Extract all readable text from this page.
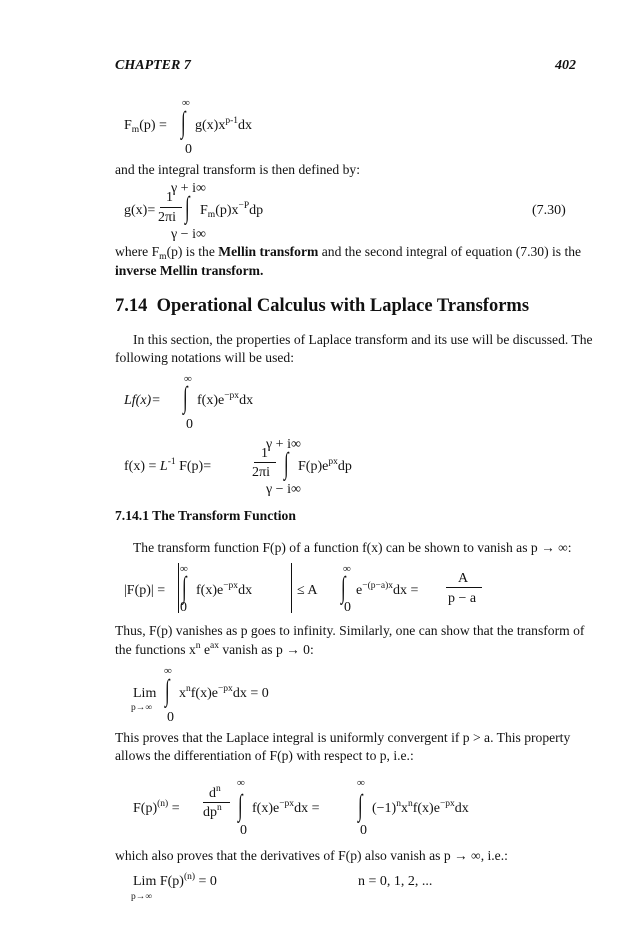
CHAPTER 7	402
∞
$F_m(p)$ = ∫ $g(x)x^{p-1}dx$
0
and the integral transform is then defined by:
γ + i∞
g(x)=
1
2πi ∫ $F_m(p)x^{-P}dp$
γ − i∞
(7.30)
where $F_m(p)$ is the Mellin transform and the second integral of equation (7.30) is the
inverse Mellin transform.
7.14 Operational Calculus with Laplace Transforms
In this section, the properties of Laplace transform and its use will be discussed. The
following notations will be used:
∞
Lf(x)= ∫ $f(x)e^{-px}dx$
0
γ + i∞
$f(x) = L^{-1}$ F(p)=
1
2πi ∫ $F(p)e^{px}dp$
γ − i∞
7.14.1 The Transform Function
The transform function F(p) of a function f(x) can be shown to vanish as p → ∞:
|F(p)| =
∞
∫ $f(x)e^{-px}dx$
0
≤ A
∞
∫ $e^{-(p-a)x}dx$ =
0
A
p − a
Thus, F(p) vanishes as p goes to infinity. Similarly, one can show that the transform of
the functions $x^n$ $e^{ax}$ vanish as p → 0:
∞
Lim
p→∞
∫ $x^nf(x)e^{-px}dx = 0$
0
This proves that the Laplace integral is uniformly convergent if p > a. This property
allows the differentiation of F(p) with respect to p, i.e.:
$F(p)^{(n)}$ =
$d^n$
$dp^n$
∞
∫ $f(x)e^{-px}dx$ =
0
∞
∫ $(-1)^nx^nf(x)e^{-px}dx$
0
which also proves that the derivatives of F(p) also vanish as p → ∞, i.e.:
Lim $F(p)^{(n)} = 0$
p→∞
n = 0, 1, 2, ...
